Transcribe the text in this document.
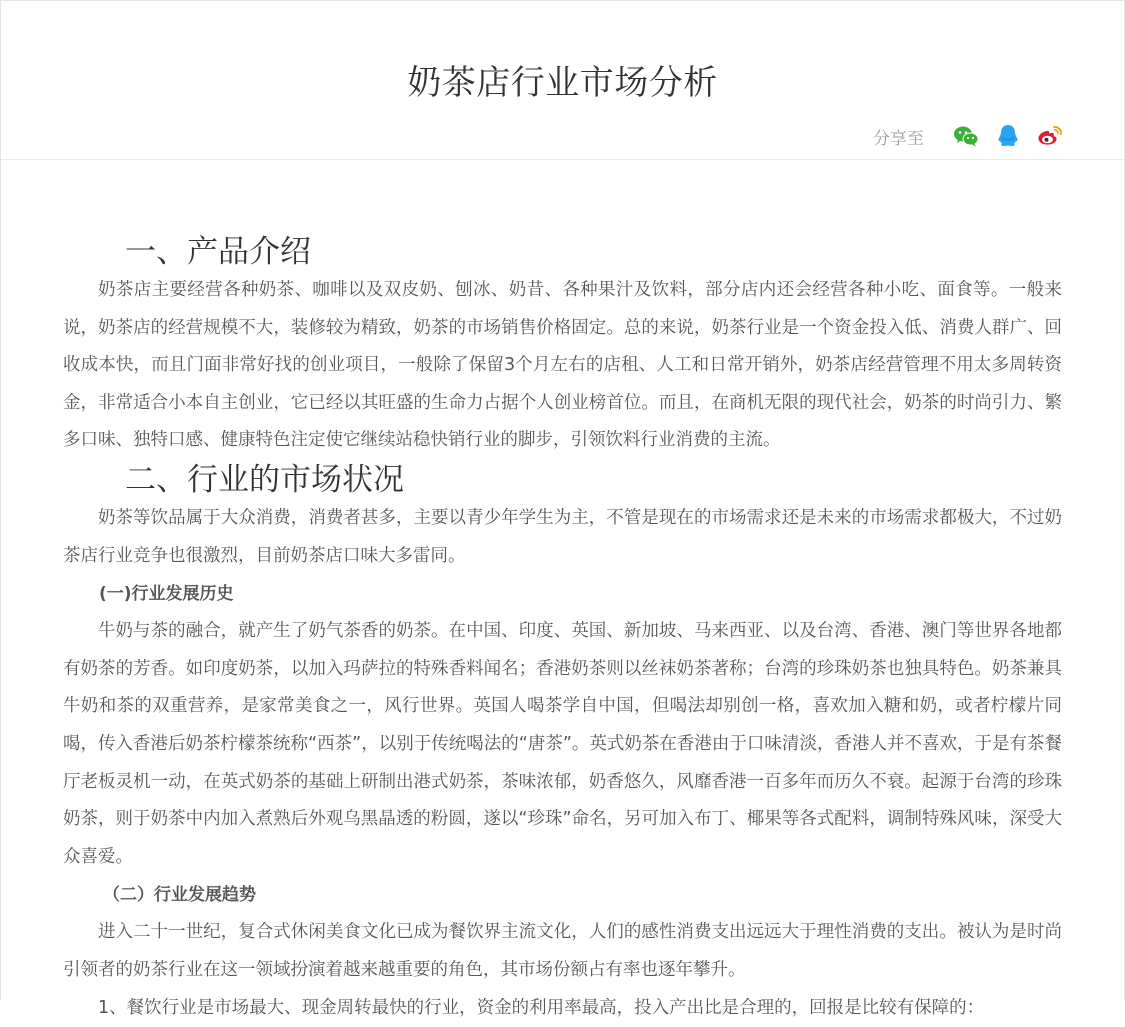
奶茶店行业市场分析
分享至
一、产品介绍

奶茶店主要经营各种奶茶、咖啡以及双皮奶、刨冰、奶昔、各种果汁及饮料，部分店内还会经营各种小吃、面食等。一般来说，奶茶店的经营规模不大，装修较为精致，奶茶的市场销售价格固定。总的来说，奶茶行业是一个资金投入低、消费人群广、回收成本快，而且门面非常好找的创业项目，一般除了保留3个月左右的店租、人工和日常开销外，奶茶店经营管理不用太多周转资金，非常适合小本自主创业，它已经以其旺盛的生命力占据个人创业榜首位。而且，在商机无限的现代社会，奶茶的时尚引力、繁多口味、独特口感、健康特色注定使它继续站稳快销行业的脚步，引领饮料行业消费的主流。

二、行业的市场状况

奶茶等饮品属于大众消费，消费者甚多，主要以青少年学生为主，不管是现在的市场需求还是未来的市场需求都极大，不过奶茶店行业竞争也很激烈，目前奶茶店口味大多雷同。

(一)行业发展历史

牛奶与茶的融合，就产生了奶气茶香的奶茶。在中国、印度、英国、新加坡、马来西亚、以及台湾、香港、澳门等世界各地都有奶茶的芳香。如印度奶茶，以加入玛萨拉的特殊香料闻名；香港奶茶则以丝袜奶茶著称；台湾的珍珠奶茶也独具特色。奶茶兼具牛奶和茶的双重营养，是家常美食之一，风行世界。英国人喝茶学自中国，但喝法却别创一格，喜欢加入糖和奶，或者柠檬片同喝，传入香港后奶茶柠檬茶统称“西茶”，以别于传统喝法的“唐茶”。英式奶茶在香港由于口味清淡，香港人并不喜欢，于是有茶餐厅老板灵机一动，在英式奶茶的基础上研制出港式奶茶，茶味浓郁，奶香悠久，风靡香港一百多年而历久不衰。起源于台湾的珍珠奶茶，则于奶茶中内加入煮熟后外观乌黑晶透的粉圆，遂以“珍珠”命名，另可加入布丁、椰果等各式配料，调制特殊风味，深受大众喜爱。

（二）行业发展趋势

进入二十一世纪，复合式休闲美食文化已成为餐饮界主流文化，人们的感性消费支出远远大于理性消费的支出。被认为是时尚引领者的奶茶行业在这一领域扮演着越来越重要的角色，其市场份额占有率也逐年攀升。

1、餐饮行业是市场最大、现金周转最快的行业，资金的利用率最高，投入产出比是合理的，回报是比较有保障的：
